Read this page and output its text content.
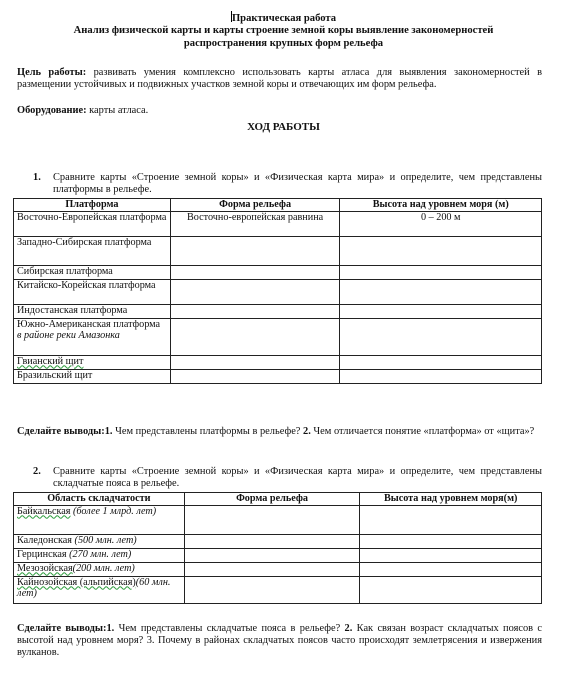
Практическая работа
Анализ физической карты и карты строение земной коры выявление закономерностей
распространения крупных форм рельефа
Цель работы: развивать умения комплексно использовать карты атласа для выявления закономерностей в размещении устойчивых и подвижных участков земной коры и отвечающих им форм рельефа.
Оборудование: карты атласа.
ХОД РАБОТЫ
1. Сравните карты «Строение земной коры» и «Физическая карта мира» и определите, чем представлены платформы в рельефе.
Платформа	Форма рельефа	Высота над уровнем моря (м)
Восточно-Европейская платформа	Восточно-европейская равнина	0 – 200 м
Западно-Сибирская платформа		
Сибирская платформа		
Китайско-Корейская платформа		
Индостанская платформа		
Южно-Американская платформа в районе реки Амазонка		
Гвианский щит		
Бразильский щит		
Сделайте выводы:1. Чем представлены платформы в рельефе? 2. Чем отличается понятие «платформа» от «щита»?
2. Сравните карты «Строение земной коры» и «Физическая карта мира» и определите, чем представлены складчатые пояса в рельефе.
Область складчатости	Форма рельефа	Высота над уровнем моря(м)
Байкальская (более 1 млрд. лет)		
Каледонская (500 млн. лет)		
Герцинская (270 млн. лет)		
Мезозойская(200 млн. лет)		
Кайнозойская (альпийская)(60 млн. лет)		
Сделайте выводы:1. Чем представлены складчатые пояса в рельефе? 2. Как связан возраст складчатых поясов с высотой над уровнем моря? 3. Почему в районах складчатых поясов часто происходят землетрясения и извержения вулканов.
